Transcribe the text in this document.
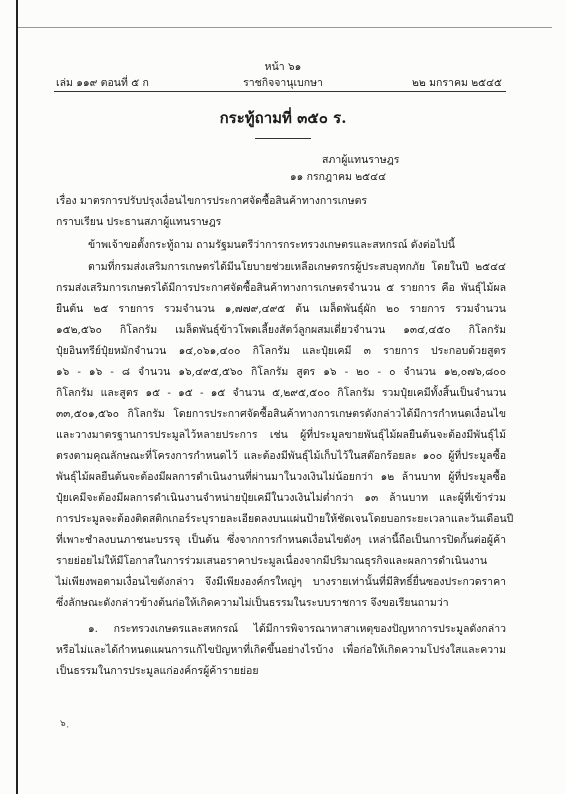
หน้า ๖๑
เล่ม ๑๑๙ ตอนที่ ๕ ก	ราชกิจจานุเบกษา	๒๒ มกราคม ๒๕๔๕
กระทู้ถามที่ ๓๕๐ ร.
สภาผู้แทนราษฎร
๑๑ กรกฎาคม ๒๕๔๔
เรื่อง มาตรการปรับปรุงเงื่อนไขการประกาศจัดซื้อสินค้าทางการเกษตร
กราบเรียน ประธานสภาผู้แทนราษฎร
ข้าพเจ้าขอตั้งกระทู้ถาม ถามรัฐมนตรีว่าการกระทรวงเกษตรและสหกรณ์ ดังต่อไปนี้
ตามที่กรมส่งเสริมการเกษตรได้มีนโยบายช่วยเหลือเกษตรกรผู้ประสบอุทกภัย โดยในปี ๒๕๔๔
กรมส่งเสริมการเกษตรได้มีการประกาศจัดซื้อสินค้าทางการเกษตรจำนวน ๕ รายการ คือ พันธุ์ไม้ผล
ยืนต้น ๒๕ รายการ รวมจำนวน ๑,๗๗๙,๔๙๕ ต้น เมล็ดพันธุ์ผัก ๒๐ รายการ รวมจำนวน
๑๕๒,๕๖๐ กิโลกรัม เมล็ดพันธุ์ข้าวโพดเลี้ยงสัตว์ลูกผสมเดี่ยวจำนวน ๑๓๔,๔๕๐ กิโลกรัม
ปุ๋ยอินทรีย์ปุ๋ยหมักจำนวน ๑๔,๐๖๑,๔๐๐ กิโลกรัม และปุ๋ยเคมี ๓ รายการ ประกอบด้วยสูตร
๑๖ - ๑๖ - ๘ จำนวน ๑๖,๔๙๕,๕๖๐ กิโลกรัม สูตร ๑๖ - ๒๐ - ๐ จำนวน ๑๒,๐๗๖,๘๐๐
กิโลกรัม และสูตร ๑๕ - ๑๕ - ๑๕ จำนวน ๕,๒๙๕,๕๐๐ กิโลกรัม รวมปุ๋ยเคมีทั้งสิ้นเป็นจำนวน
๓๓,๕๐๑,๕๖๐ กิโลกรัม โดยการประกาศจัดซื้อสินค้าทางการเกษตรดังกล่าวได้มีการกำหนดเงื่อนไข
และวางมาตรฐานการประมูลไว้หลายประการ เช่น ผู้ที่ประมูลขายพันธุ์ไม้ผลยืนต้นจะต้องมีพันธุ์ไม้
ตรงตามคุณลักษณะที่โครงการกำหนดไว้ และต้องมีพันธุ์ไม้เก็บไว้ในสต๊อกร้อยละ ๑๐๐ ผู้ที่ประมูลซื้อ
พันธุ์ไม้ผลยืนต้นจะต้องมีผลการดำเนินงานที่ผ่านมาในวงเงินไม่น้อยกว่า ๑๒ ล้านบาท ผู้ที่ประมูลซื้อ
ปุ๋ยเคมีจะต้องมีผลการดำเนินงานจำหน่ายปุ๋ยเคมีในวงเงินไม่ต่ำกว่า ๑๓ ล้านบาท และผู้ที่เข้าร่วม
การประมูลจะต้องติดสติกเกอร์ระบุรายละเอียดลงบนแผ่นป้ายให้ชัดเจนโดยบอกระยะเวลาและวันเดือนปี
ที่เพาะชำลงบนภาชนะบรรจุ เป็นต้น ซึ่งจากการกำหนดเงื่อนไขดังๆ เหล่านี้ถือเป็นการปิดกั้นต่อผู้ค้า
รายย่อยไม่ให้มีโอกาสในการร่วมเสนอราคาประมูลเนื่องจากมีปริมาณธุรกิจและผลการดำเนินงาน
ไม่เพียงพอตามเงื่อนไขดังกล่าว จึงมีเพียงองค์กรใหญ่ๆ บางรายเท่านั้นที่มีสิทธิ์ยื่นซองประกวดราคา
ซึ่งลักษณะดังกล่าวข้างต้นก่อให้เกิดความไม่เป็นธรรมในระบบราชการ จึงขอเรียนถามว่า
๑. กระทรวงเกษตรและสหกรณ์ ได้มีการพิจารณาหาสาเหตุของปัญหาการประมูลดังกล่าว
หรือไม่และได้กำหนดแผนการแก้ไขปัญหาที่เกิดขึ้นอย่างไรบ้าง เพื่อก่อให้เกิดความโปร่งใสและความ
เป็นธรรมในการประมูลแก่องค์กรผู้ค้ารายย่อย
๖ ฺ
